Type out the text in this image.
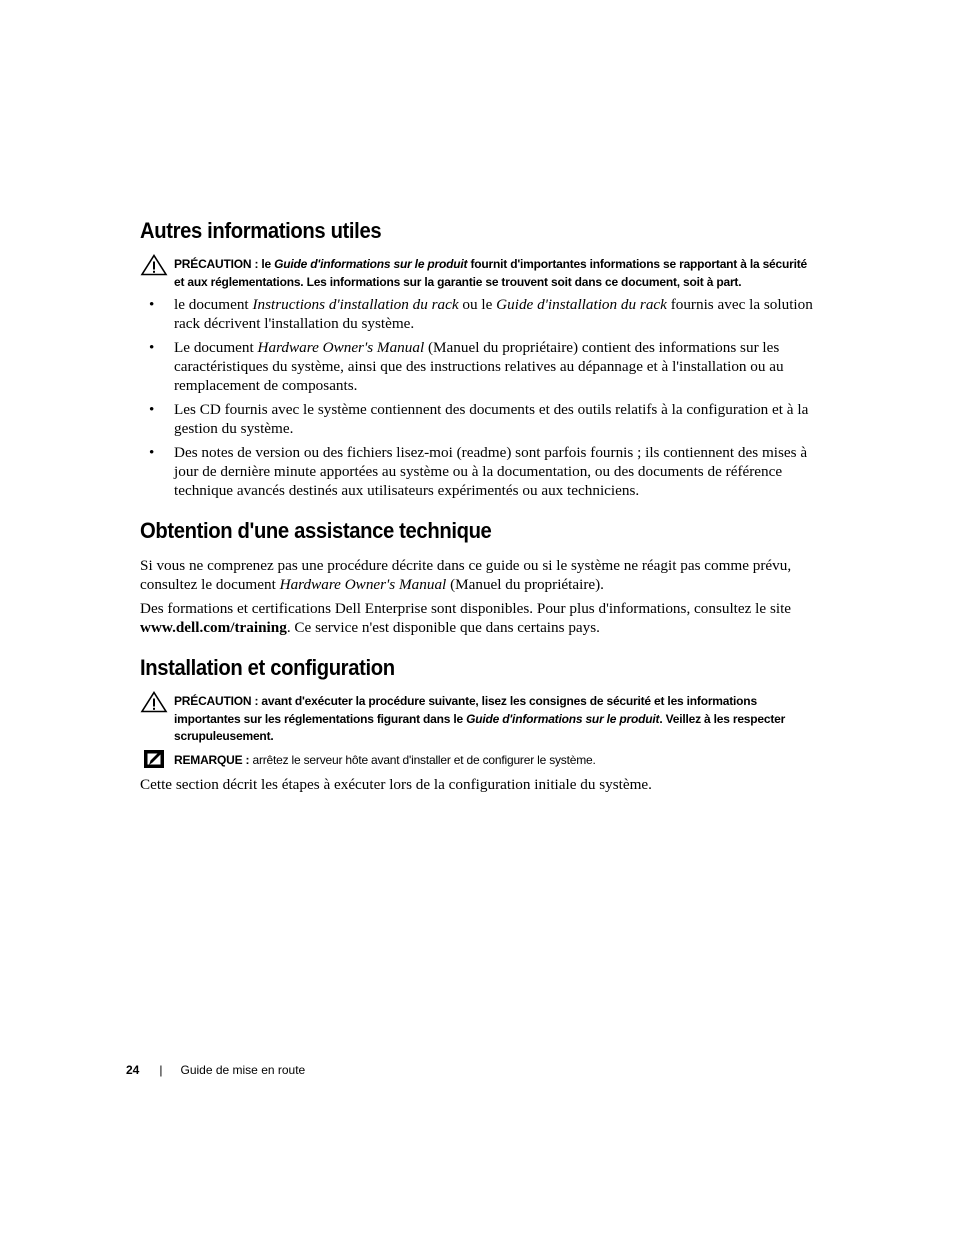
Autres informations utiles
PRÉCAUTION : le Guide d'informations sur le produit fournit d'importantes informations se rapportant à la sécurité et aux réglementations. Les informations sur la garantie se trouvent soit dans ce document, soit à part.
• le document Instructions d'installation du rack ou le Guide d'installation du rack fournis avec la solution rack décrivent l'installation du système.
• Le document Hardware Owner's Manual (Manuel du propriétaire) contient des informations sur les caractéristiques du système, ainsi que des instructions relatives au dépannage et à l'installation ou au remplacement de composants.
• Les CD fournis avec le système contiennent des documents et des outils relatifs à la configuration et à la gestion du système.
• Des notes de version ou des fichiers lisez-moi (readme) sont parfois fournis ; ils contiennent des mises à jour de dernière minute apportées au système ou à la documentation, ou des documents de référence technique avancés destinés aux utilisateurs expérimentés ou aux techniciens.
Obtention d'une assistance technique

Si vous ne comprenez pas une procédure décrite dans ce guide ou si le système ne réagit pas comme prévu, consultez le document Hardware Owner's Manual (Manuel du propriétaire).

Des formations et certifications Dell Enterprise sont disponibles. Pour plus d'informations, consultez le site www.dell.com/training. Ce service n'est disponible que dans certains pays.

Installation et configuration
PRÉCAUTION : avant d'exécuter la procédure suivante, lisez les consignes de sécurité et les informations importantes sur les réglementations figurant dans le Guide d'informations sur le produit. Veillez à les respecter scrupuleusement.
REMARQUE : arrêtez le serveur hôte avant d'installer et de configurer le système.

Cette section décrit les étapes à exécuter lors de la configuration initiale du système.

24 | Guide de mise en route
